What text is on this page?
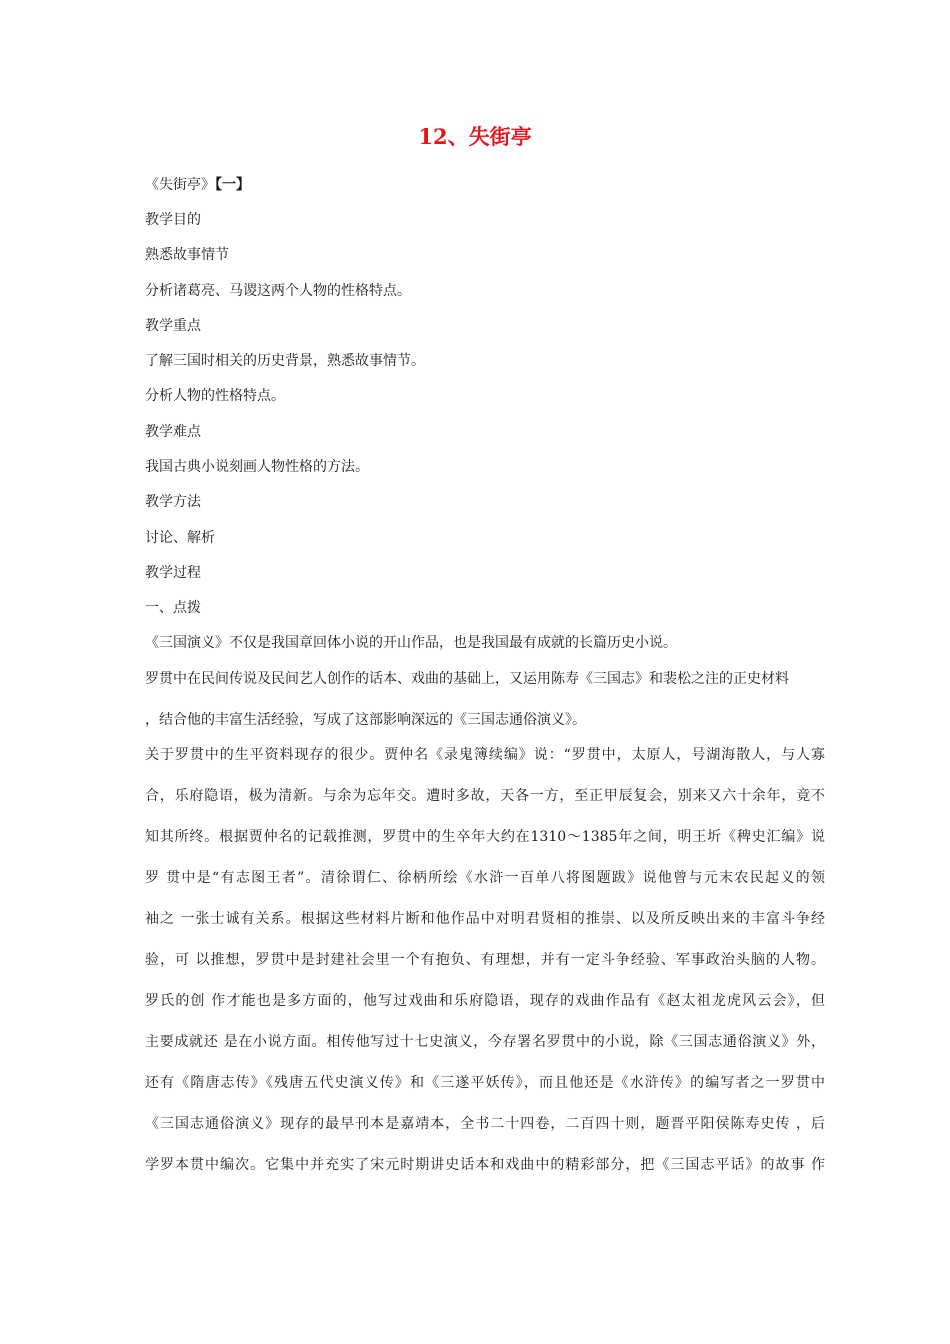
12、失街亭
《失街亭》【一】
教学目的
熟悉故事情节
分析诸葛亮、马谡这两个人物的性格特点。
教学重点
了解三国时相关的历史背景，熟悉故事情节。
分析人物的性格特点。
教学难点
我国古典小说刻画人物性格的方法。
教学方法
讨论、解析
教学过程
一、点拨
《三国演义》不仅是我国章回体小说的开山作品，也是我国最有成就的长篇历史小说。
罗贯中在民间传说及民间艺人创作的话本、戏曲的基础上，又运用陈寿《三国志》和裴松之注的正史材料
，结合他的丰富生活经验，写成了这部影响深远的《三国志通俗演义》。
关于罗贯中的生平资料现存的很少。贾仲名《录鬼簿续编》说：“罗贯中，太原人，号湖海散人，与人寡
合，乐府隐语，极为清新。与余为忘年交。遭时多故，天各一方，至正甲辰复会，别来又六十余年，竟不
知其所终。根据贾仲名的记载推测，罗贯中的生卒年大约在1310～1385年之间，明王圻《稗史汇编》说
罗 贯中是“有志图王者”。清徐谓仁、徐柄所绘《水浒一百单八将图题跋》说他曾与元末农民起义的领
袖之 一张士诚有关系。根据这些材料片断和他作品中对明君贤相的推崇、以及所反映出来的丰富斗争经
验，可 以推想，罗贯中是封建社会里一个有抱负、有理想，并有一定斗争经验、军事政治头脑的人物。
罗氏的创 作才能也是多方面的，他写过戏曲和乐府隐语，现存的戏曲作品有《赵太祖龙虎风云会》，但
主要成就还 是在小说方面。相传他写过十七史演义，今存署名罗贯中的小说，除《三国志通俗演义》外，
还有《隋唐志传》《残唐五代史演义传》和《三遂平妖传》，而且他还是《水浒传》的编写者之一罗贯中
《三国志通俗演义》现存的最早刊本是嘉靖本，全书二十四卷，二百四十则，题晋平阳侯陈寿史传 ，后
学罗本贯中编次。它集中并充实了宋元时期讲史话本和戏曲中的精彩部分，把《三国志平话》的故事 作
